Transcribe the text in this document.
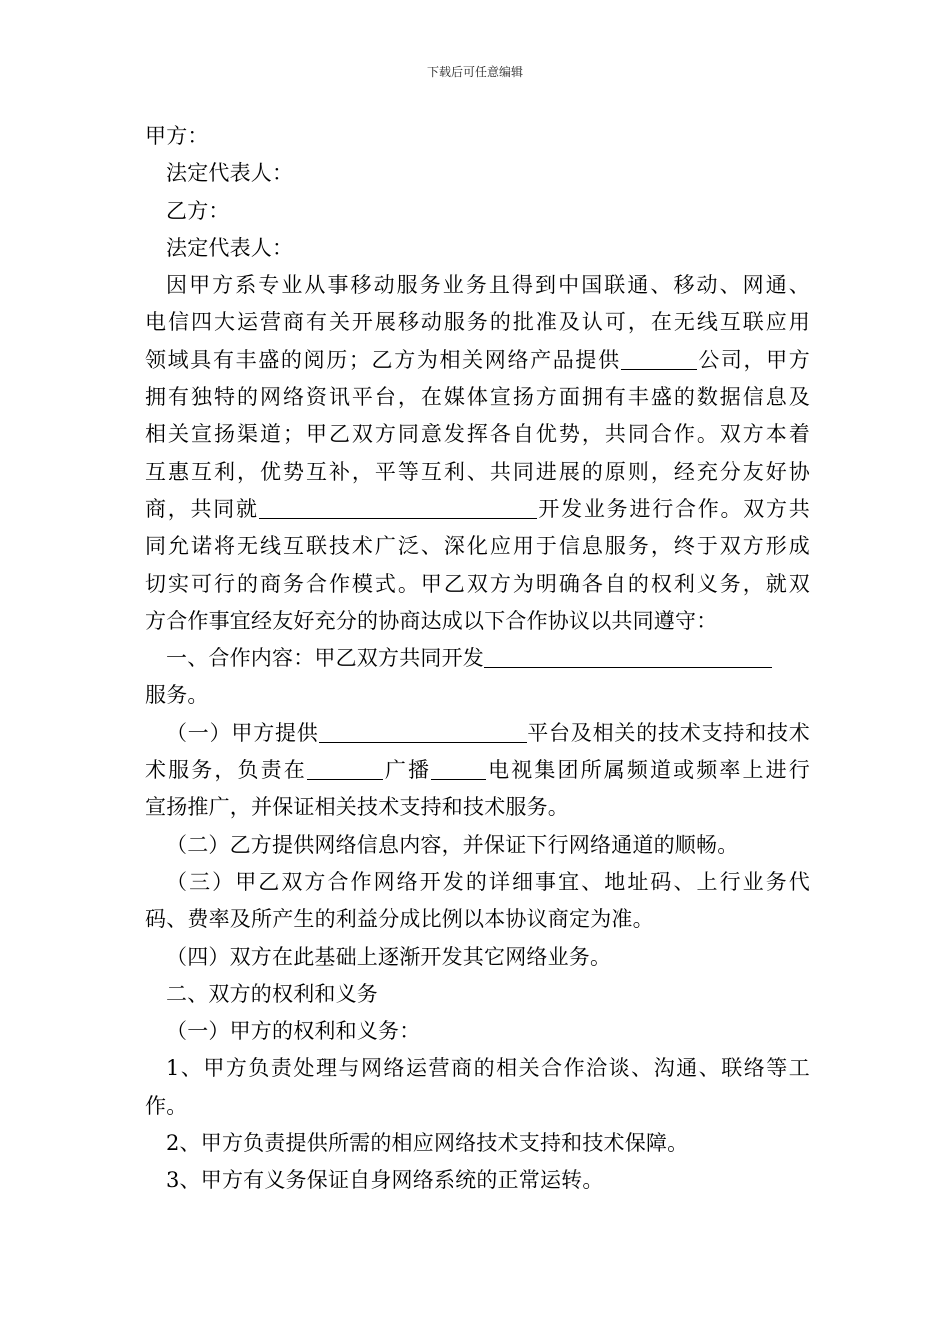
下载后可任意编辑
甲方：
法定代表人：
乙方：
法定代表人：
因甲方系专业从事移动服务业务且得到中国联通、移动、网通、
电信四大运营商有关开展移动服务的批准及认可，在无线互联应用
领域具有丰盛的阅历；乙方为相关网络产品提供	公司，甲方
拥有独特的网络资讯平台，在媒体宣扬方面拥有丰盛的数据信息及
相关宣扬渠道；甲乙双方同意发挥各自优势，共同合作。双方本着
互惠互利，优势互补，平等互利、共同进展的原则，经充分友好协
商，共同就	开发业务进行合作。双方共
同允诺将无线互联技术广泛、深化应用于信息服务，终于双方形成
切实可行的商务合作模式。甲乙双方为明确各自的权利义务，就双
方合作事宜经友好充分的协商达成以下合作协议以共同遵守：
一、合作内容：甲乙双方共同开发
服务。
（一）甲方提供	平台及相关的技术支持和技术
术服务，负责在	广播	电视集团所属频道或频率上进行
宣扬推广，并保证相关技术支持和技术服务。
（二）乙方提供网络信息内容，并保证下行网络通道的顺畅。
（三）甲乙双方合作网络开发的详细事宜、地址码、上行业务代
码、费率及所产生的利益分成比例以本协议商定为准。
（四）双方在此基础上逐渐开发其它网络业务。
二、双方的权利和义务
（一）甲方的权利和义务：
1、甲方负责处理与网络运营商的相关合作洽谈、沟通、联络等工
作。
2、甲方负责提供所需的相应网络技术支持和技术保障。
3、甲方有义务保证自身网络系统的正常运转。
